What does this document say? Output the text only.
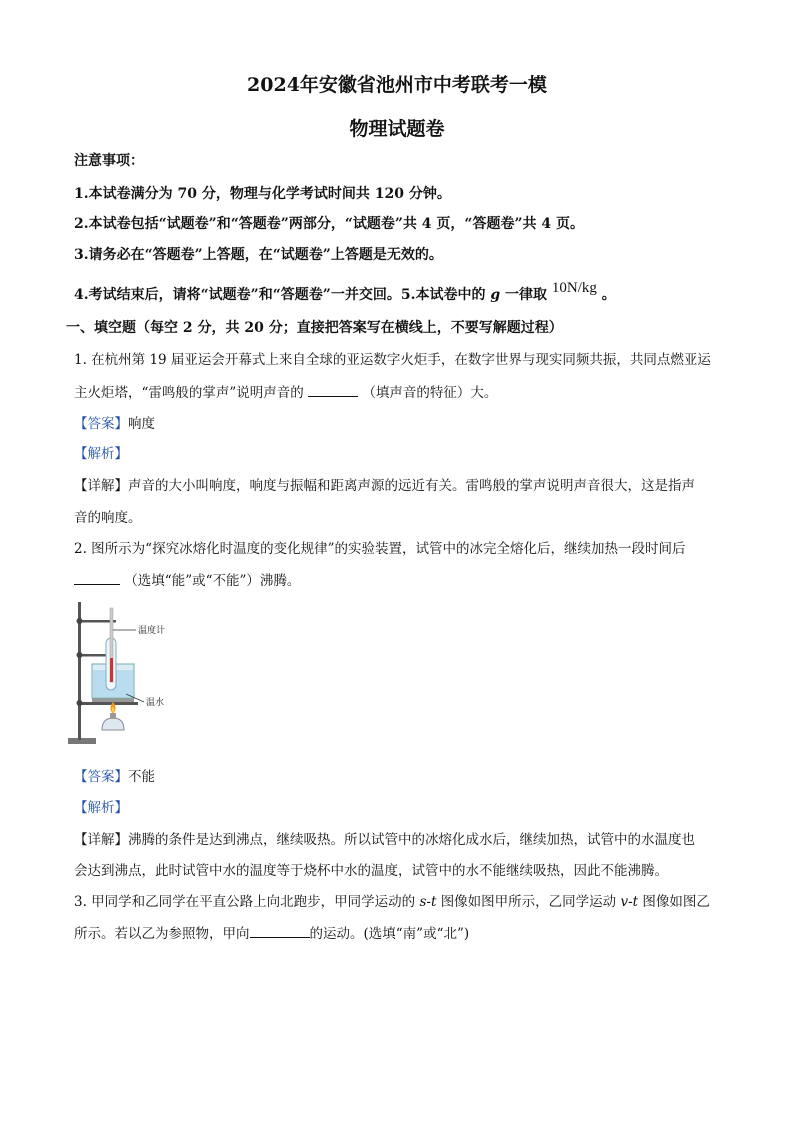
2024年安徽省池州市中考联考一模
物理试题卷
注意事项：
1.本试卷满分为 70 分，物理与化学考试时间共 120 分钟。
2.本试卷包括“试题卷”和“答题卷”两部分，“试题卷”共 4 页，“答题卷”共 4 页。
3.请务必在“答题卷”上答题，在“试题卷”上答题是无效的。
4.考试结束后，请将“试题卷”和“答题卷”一并交回。5.本试卷中的 g 一律取 10N/kg 。
一、填空题（每空 2 分，共 20 分；直接把答案写在横线上，不要写解题过程）
1. 在杭州第 19 届亚运会开幕式上来自全球的亚运数字火炬手，在数字世界与现实同频共振，共同点燃亚运
主火炬塔，“雷鸣般的掌声”说明声音的	（填声音的特征）大。
【答案】响度
【解析】
【详解】声音的大小叫响度，响度与振幅和距离声源的远近有关。雷鸣般的掌声说明声音很大，这是指声
音的响度。
2. 图所示为“探究冰熔化时温度的变化规律”的实验装置，试管中的冰完全熔化后，继续加热一段时间后
（选填“能”或“不能”）沸腾。
温度计
温水
【答案】不能
【解析】
【详解】沸腾的条件是达到沸点，继续吸热。所以试管中的冰熔化成水后，继续加热，试管中的水温度也
会达到沸点，此时试管中水的温度等于烧杯中水的温度，试管中的水不能继续吸热，因此不能沸腾。
3. 甲同学和乙同学在平直公路上向北跑步，甲同学运动的 s-t 图像如图甲所示，乙同学运动 v-t 图像如图乙
所示。若以乙为参照物，甲向	的运动。(选填“南”或“北”)
